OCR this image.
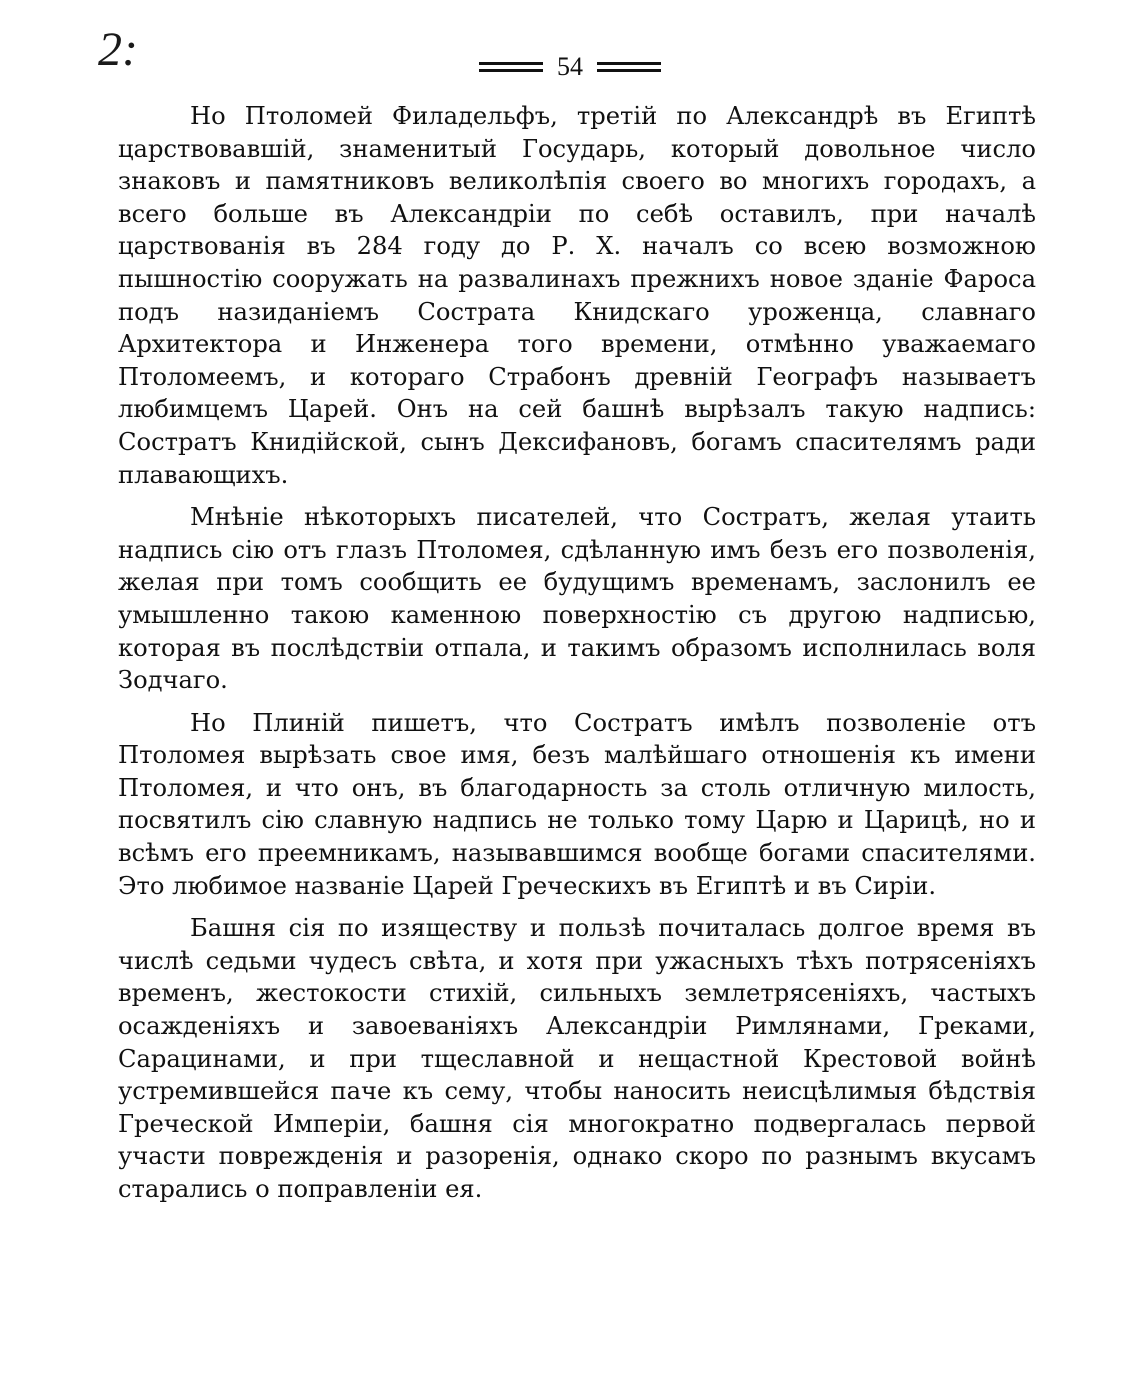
2:	54

Но Птоломей Филадельфъ, третій по Александрѣ въ Египтѣ царствовавшій, знаменитый Государь, который довольное число знаковъ и памятниковъ великолѣпія своего во многихъ городахъ, а всего больше въ Александріи по себѣ оставилъ, при началѣ царствованія въ 284 году до Р. Х. началъ со всею возможною пышностію сооружать на развалинахъ прежнихъ новое зданіе Фароса подъ назиданіемъ Сострата Книдскаго уроженца, славнаго Архитектора и Инженера того времени, отмѣнно уважаемаго Птоломеемъ, и котораго Страбонъ древній Географъ называетъ любимцемъ Царей. Онъ на сей башнѣ вырѣзалъ такую надпись: Состратъ Книдійской, сынъ Дексифановъ, богамъ спасителямъ ради плавающихъ.

Мнѣніе нѣкоторыхъ писателей, что Состратъ, желая утаить надпись сію отъ глазъ Птоломея, сдѣланную имъ безъ его позволенія, желая при томъ сообщить ее будущимъ временамъ, заслонилъ ее умышленно такою каменною поверхностію съ другою надписью, которая въ послѣдствіи отпала, и такимъ образомъ исполнилась воля Зодчаго.

Но Плиній пишетъ, что Состратъ имѣлъ позволеніе отъ Птоломея вырѣзать свое имя, безъ малѣйшаго отношенія къ имени Птоломея, и что онъ, въ благодарность за столь отличную милость, посвятилъ сію славную надпись не только тому Царю и Царицѣ, но и всѣмъ его преемникамъ, называвшимся вообще богами спасителями. Это любимое названіе Царей Греческихъ въ Египтѣ и въ Сиріи.

Башня сія по изяществу и пользѣ почиталась долгое время въ числѣ седьми чудесъ свѣта, и хотя при ужасныхъ тѣхъ потрясеніяхъ временъ, жестокости стихій, сильныхъ землетрясеніяхъ, частыхъ осажденіяхъ и завоеваніяхъ Александріи Римлянами, Греками, Сарацинами, и при тщеславной и нещастной Крестовой войнѣ устремившейся паче къ сему, чтобы наносить неисцѣлимыя бѣдствія Греческой Имперіи, башня сія многократно подвергалась первой участи поврежденія и разоренія, однако скоро по разнымъ вкусамъ старались о поправленіи ея.
